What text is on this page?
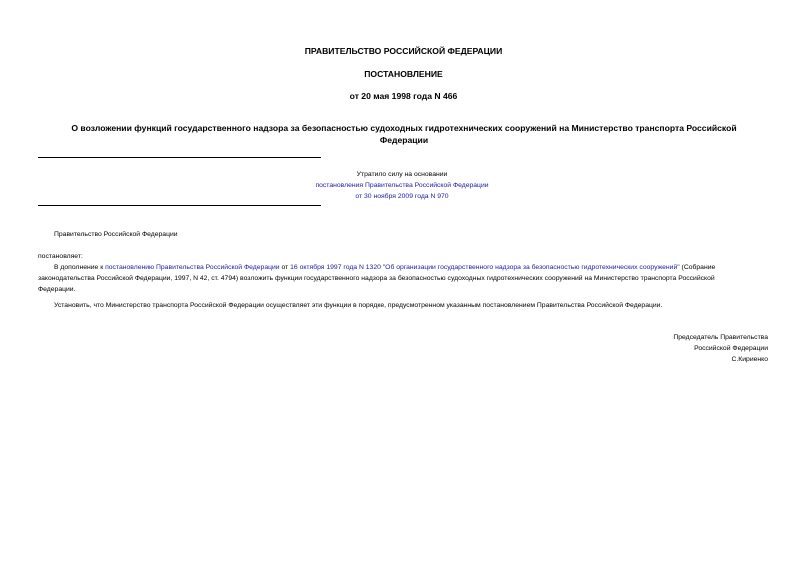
ПРАВИТЕЛЬСТВО РОССИЙСКОЙ ФЕДЕРАЦИИ
ПОСТАНОВЛЕНИЕ
от 20 мая 1998 года N 466
О возложении функций государственного надзора за безопасностью судоходных гидротехнических сооружений на Министерство транспорта Российской
Федерации
Утратило силу на основании
постановления Правительства Российской Федерации
от 30 ноября 2009 года N 970
Правительство Российской Федерации
постановляет:
В дополнение к постановлению Правительства Российской Федерации от 16 октября 1997 года N 1320 "Об организации государственного надзора за безопасностью гидротехнических сооружений" (Собрание
законодательства Российской Федерации, 1997, N 42, ст. 4794) возложить функции государственного надзора за безопасностью судоходных гидротехнических сооружений на Министерство транспорта Российской
Федерации.
Установить, что Министерство транспорта Российской Федерации осуществляет эти функции в порядке, предусмотренном указанным постановлением Правительства Российской Федерации.
Председатель Правительства
Российской Федерации
С.Кириенко
